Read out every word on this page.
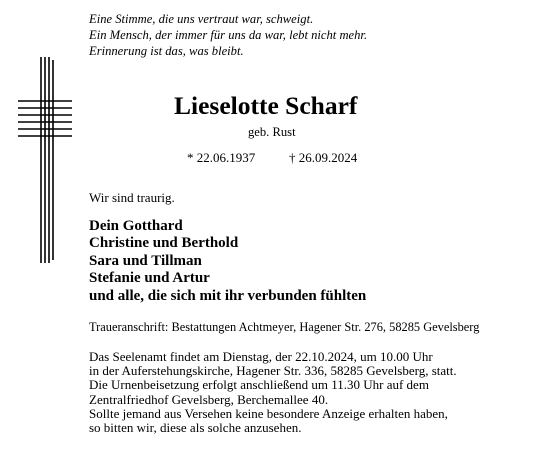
Eine Stimme, die uns vertraut war, schweigt.
Ein Mensch, der immer für uns da war, lebt nicht mehr.
Erinnerung ist das, was bleibt.
Lieselotte Scharf
geb. Rust
* 22.06.1937	† 26.09.2024
Wir sind traurig.
Dein Gotthard
Christine und Berthold
Sara und Tillman
Stefanie und Artur
und alle, die sich mit ihr verbunden fühlten
Traueranschrift: Bestattungen Achtmeyer, Hagener Str. 276, 58285 Gevelsberg
Das Seelenamt findet am Dienstag, der 22.10.2024, um 10.00 Uhr
in der Auferstehungskirche, Hagener Str. 336, 58285 Gevelsberg, statt.
Die Urnenbeisetzung erfolgt anschließend um 11.30 Uhr auf dem
Zentralfriedhof Gevelsberg, Berchemallee 40.
Sollte jemand aus Versehen keine besondere Anzeige erhalten haben,
so bitten wir, diese als solche anzusehen.
